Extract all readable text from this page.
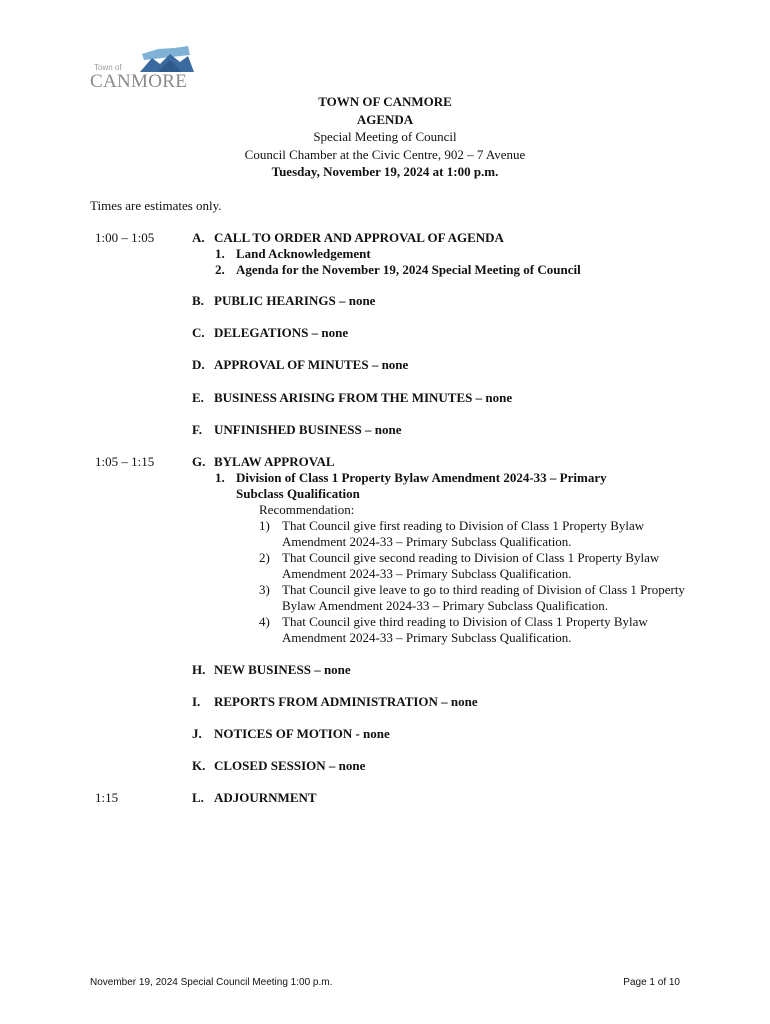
Town of
CANMORE
TOWN OF CANMORE
AGENDA
Special Meeting of Council
Council Chamber at the Civic Centre, 902 – 7 Avenue
Tuesday, November 19, 2024 at 1:00 p.m.
Times are estimates only.
1:00 – 1:05	A. CALL TO ORDER AND APPROVAL OF AGENDA
1. Land Acknowledgement
2. Agenda for the November 19, 2024 Special Meeting of Council
B. PUBLIC HEARINGS – none
C. DELEGATIONS – none
D. APPROVAL OF MINUTES – none
E. BUSINESS ARISING FROM THE MINUTES – none
F. UNFINISHED BUSINESS – none
1:05 – 1:15	G. BYLAW APPROVAL
1. Division of Class 1 Property Bylaw Amendment 2024-33 – Primary
Subclass Qualification
Recommendation:
1) That Council give first reading to Division of Class 1 Property Bylaw Amendment 2024-33 – Primary Subclass Qualification.
2) That Council give second reading to Division of Class 1 Property Bylaw Amendment 2024-33 – Primary Subclass Qualification.
3) That Council give leave to go to third reading of Division of Class 1 Property Bylaw Amendment 2024-33 – Primary Subclass Qualification.
4) That Council give third reading to Division of Class 1 Property Bylaw Amendment 2024-33 – Primary Subclass Qualification.
H. NEW BUSINESS – none
I. REPORTS FROM ADMINISTRATION – none
J. NOTICES OF MOTION - none
K. CLOSED SESSION – none
1:15	L. ADJOURNMENT
November 19, 2024 Special Council Meeting 1:00 p.m.	Page 1 of 10
